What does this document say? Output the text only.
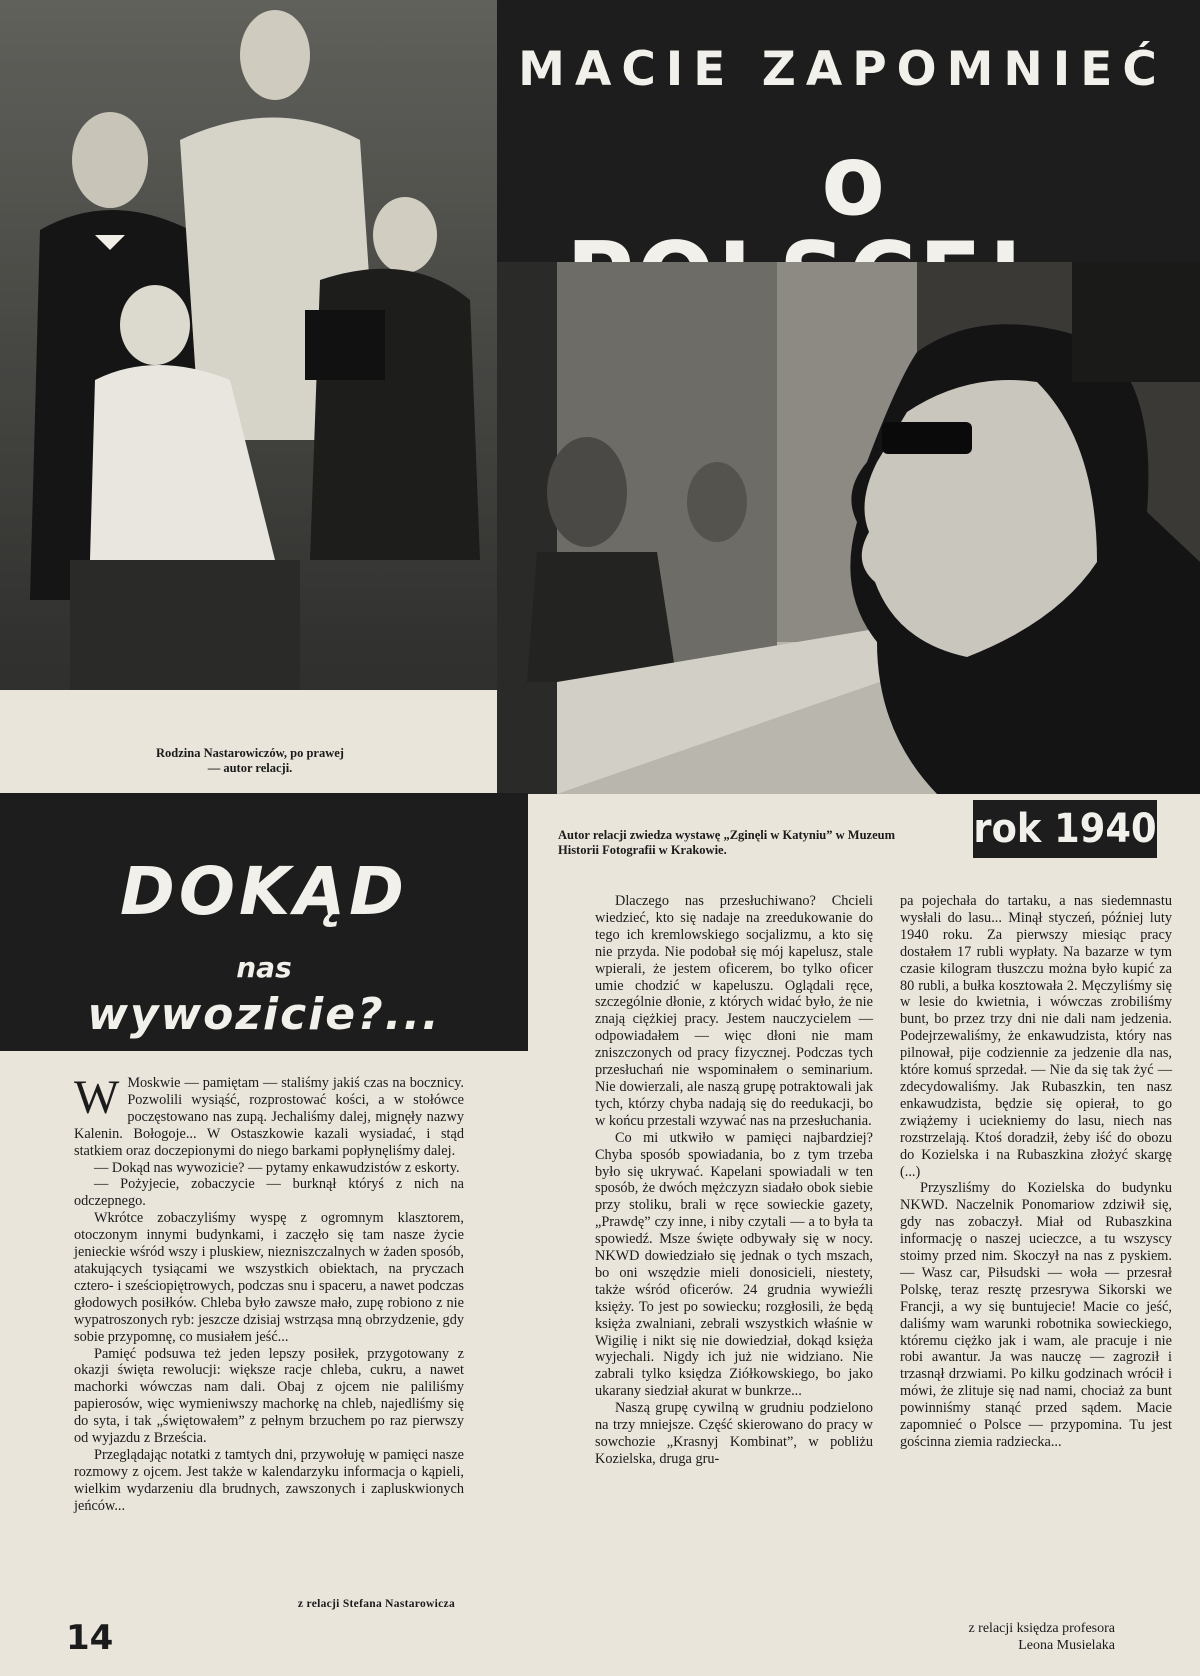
MACIE ZAPOMNIEĆ
o
Rodzina Nastarowiczów, po prawej — autor relacji.
DOKĄD
nas
wywozicie?...
Autor relacji zwiedza wystawę „Zginęli w Katyniu” w Muzeum Historii Fotografii w Krakowie.	rok 1940

W Moskwie — pamiętam — staliśmy jakiś czas na bocznicy. Pozwolili wysiąść, rozprostować kości, a w stołówce poczęstowano nas zupą. Jechaliśmy dalej, mignęły nazwy Kalenin. Bołogoje... W Ostaszkowie kazali wysiadać, i stąd statkiem oraz doczepionymi do niego barkami popłynęliśmy dalej.

— Dokąd nas wywozicie? — pytamy enkawudzistów z eskorty.

— Pożyjecie, zobaczycie — burknął któryś z nich na odczepnego.

Wkrótce zobaczyliśmy wyspę z ogromnym klasztorem, otoczonym innymi budynkami, i zaczęło się tam nasze życie jenieckie wśród wszy i pluskiew, niezniszczalnych w żaden sposób, atakujących tysiącami we wszystkich obiektach, na pryczach cztero- i sześciopiętrowych, podczas snu i spaceru, a nawet podczas głodowych posiłków. Chleba było zawsze mało, zupę robiono z nie wypatroszonych ryb: jeszcze dzisiaj wstrząsa mną obrzydzenie, gdy sobie przypomnę, co musiałem jeść...

Pamięć podsuwa też jeden lepszy posiłek, przygotowany z okazji święta rewolucji: większe racje chleba, cukru, a nawet machorki wówczas nam dali. Obaj z ojcem nie paliliśmy papierosów, więc wymieniwszy machorkę na chleb, najedliśmy się do syta, i tak „świętowałem” z pełnym brzuchem po raz pierwszy od wyjazdu z Brześcia.

Przeglądając notatki z tamtych dni, przywołuję w pamięci nasze rozmowy z ojcem. Jest także w kalendarzyku informacja o kąpieli, wielkim wydarzeniu dla brudnych, zawszonych i zapluskwionych jeńców...

z relacji Stefana Nastarowicza

Dlaczego nas przesłuchiwano? Chcieli wiedzieć, kto się nadaje na zreedukowanie do tego ich kremlowskiego socjalizmu, a kto się nie przyda. Nie podobał się mój kapelusz, stale wpierali, że jestem oficerem, bo tylko oficer umie chodzić w kapeluszu. Oglądali ręce, szczególnie dłonie, z których widać było, że nie znają ciężkiej pracy. Jestem nauczycielem — odpowiadałem — więc dłoni nie mam zniszczonych od pracy fizycznej. Podczas tych przesłuchań nie wspominałem o seminarium. Nie dowierzali, ale naszą grupę potraktowali jak tych, którzy chyba nadają się do reedukacji, bo w końcu przestali wzywać nas na przesłuchania.

Co mi utkwiło w pamięci najbardziej? Chyba sposób spowiadania, bo z tym trzeba było się ukrywać. Kapelani spowiadali w ten sposób, że dwóch mężczyzn siadało obok siebie przy stoliku, brali w ręce sowieckie gazety, „Prawdę” czy inne, i niby czytali — a to była ta spowiedź. Msze święte odbywały się w nocy. NKWD dowiedziało się jednak o tych mszach, bo oni wszędzie mieli donosicieli, niestety, także wśród oficerów. 24 grudnia wywieźli księży. To jest po sowiecku; rozgłosili, że będą księża zwalniani, zebrali wszystkich właśnie w Wigilię i nikt się nie dowiedział, dokąd księża wyjechali. Nigdy ich już nie widziano. Nie zabrali tylko księdza Ziółkowskiego, bo jako ukarany siedział akurat w bunkrze...

Naszą grupę cywilną w grudniu podzielono na trzy mniejsze. Część skierowano do pracy w sowchozie „Krasnyj Kombinat”, w pobliżu Kozielska, druga gru-

pa pojechała do tartaku, a nas siedemnastu wysłali do lasu... Minął styczeń, później luty 1940 roku. Za pierwszy miesiąc pracy dostałem 17 rubli wypłaty. Na bazarze w tym czasie kilogram tłuszczu można było kupić za 80 rubli, a bułka kosztowała 2. Męczyliśmy się w lesie do kwietnia, i wówczas zrobiliśmy bunt, bo przez trzy dni nie dali nam jedzenia. Podejrzewaliśmy, że enkawudzista, który nas pilnował, pije codziennie za jedzenie dla nas, które komuś sprzedał. — Nie da się tak żyć — zdecydowaliśmy. Jak Rubaszkin, ten nasz enkawudzista, będzie się opierał, to go zwiążemy i uciekniemy do lasu, niech nas rozstrzelają. Ktoś doradził, żeby iść do obozu do Kozielska i na Rubaszkina złożyć skargę (...)

Przyszliśmy do Kozielska do budynku NKWD. Naczelnik Ponomariow zdziwił się, gdy nas zobaczył. Miał od Rubaszkina informację o naszej ucieczce, a tu wszyscy stoimy przed nim. Skoczył na nas z pyskiem. — Wasz car, Piłsudski — woła — przesrał Polskę, teraz resztę przesrywa Sikorski we Francji, a wy się buntujecie! Macie co jeść, daliśmy wam warunki robotnika sowieckiego, któremu ciężko jak i wam, ale pracuje i nie robi awantur. Ja was nauczę — zagroził i trzasnął drzwiami. Po kilku godzinach wrócił i mówi, że zlituje się nad nami, chociaż za bunt powinniśmy stanąć przed sądem. Macie zapomnieć o Polsce — przypomina. Tu jest gościnna ziemia radziecka...

z relacji księdza profesora
Leona Musielaka
14
